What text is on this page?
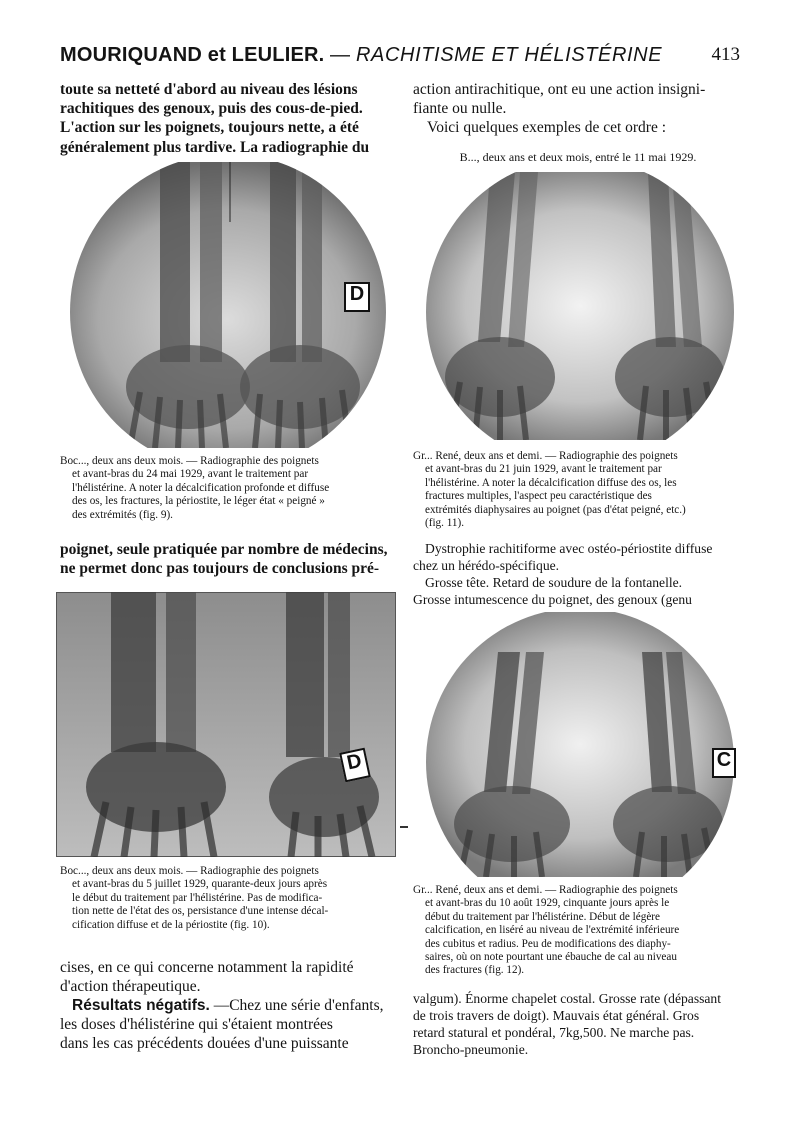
MOURIQUAND et LEULIER. — RACHITISME ET HÉLISTÉRINE	413
toute sa netteté d'abord au niveau des lésions
rachitiques des genoux, puis des cous-de-pied.
L'action sur les poignets, toujours nette, a été
généralement plus tardive. La radiographie du
D
Boc..., deux ans deux mois. — Radiographie des poignets
et avant-bras du 24 mai 1929, avant le traitement par
l'hélistérine. A noter la décalcification profonde et diffuse
des os, les fractures, la périostite, le léger état « peigné »
des extrémités (fig. 9).
poignet, seule pratiquée par nombre de médecins,
ne permet donc pas toujours de conclusions pré-
D
Boc..., deux ans deux mois. — Radiographie des poignets
et avant-bras du 5 juillet 1929, quarante-deux jours après
le début du traitement par l'hélistérine. Pas de modifica-
tion nette de l'état des os, persistance d'une intense décal-
cification diffuse et de la périostite (fig. 10).
cises, en ce qui concerne notamment la rapidité
d'action thérapeutique.
Résultats négatifs. —Chez une série d'enfants,
les doses d'hélistérine qui s'étaient montrées
dans les cas précédents douées d'une puissante
action antirachitique, ont eu une action insigni-
fiante ou nulle.
Voici quelques exemples de cet ordre :
B..., deux ans et deux mois, entré le 11 mai 1929.
Gr... René, deux ans et demi. — Radiographie des poignets
et avant-bras du 21 juin 1929, avant le traitement par
l'hélistérine. A noter la décalcification diffuse des os, les
fractures multiples, l'aspect peu caractéristique des
extrémités diaphysaires au poignet (pas d'état peigné, etc.)
(fig. 11).
Dystrophie rachitiforme avec ostéo-périostite diffuse
chez un hérédo-spécifique.
Grosse tête. Retard de soudure de la fontanelle.
Grosse intumescence du poignet, des genoux (genu
C
Gr... René, deux ans et demi. — Radiographie des poignets
et avant-bras du 10 août 1929, cinquante jours après le
début du traitement par l'hélistérine. Début de légère
calcification, en liséré au niveau de l'extrémité inférieure
des cubitus et radius. Peu de modifications des diaphy-
saires, où on note pourtant une ébauche de cal au niveau
des fractures (fig. 12).
valgum). Énorme chapelet costal. Grosse rate (dépassant
de trois travers de doigt). Mauvais état général. Gros
retard statural et pondéral, 7kg,500. Ne marche pas.
Broncho-pneumonie.
